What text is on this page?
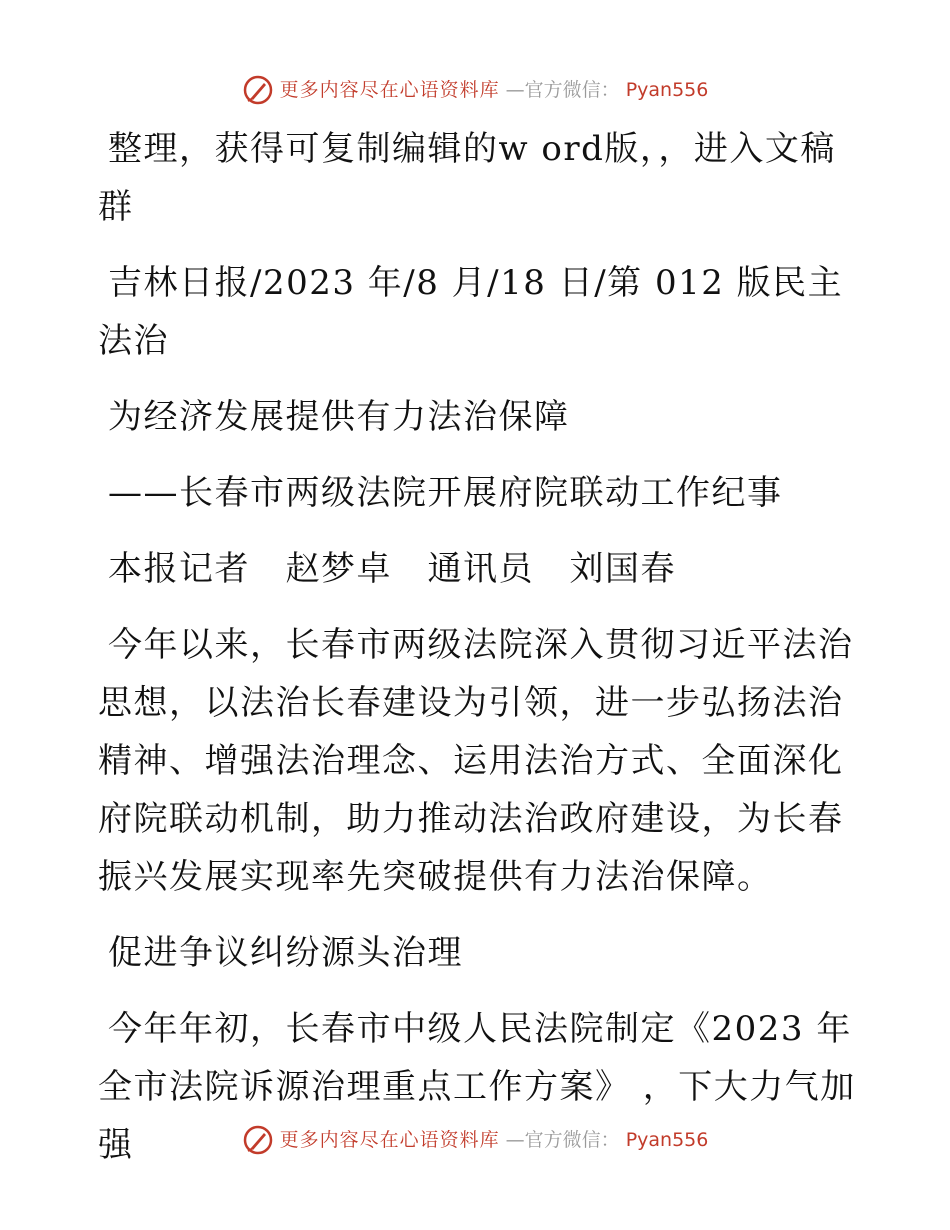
更多内容尽在心语资料库 —官方微信： Pyan556

整理，获得可复制编辑的w ord版，，进入文稿群

吉林日报/2023 年/8 月/18 日/第 012 版民主法治

为经济发展提供有力法治保障

——长春市两级法院开展府院联动工作纪事

本报记者　赵梦卓　通讯员　刘国春

今年以来，长春市两级法院深入贯彻习近平法治思想，以法治长春建设为引领，进一步弘扬法治精神、增强法治理念、运用法治方式、全面深化府院联动机制，助力推动法治政府建设，为长春振兴发展实现率先突破提供有力法治保障。

促进争议纠纷源头治理

今年年初，长春市中级人民法院制定《2023 年全市法院诉源治理重点工作方案》 ，下大力气加强	更多内容尽在心语资料库 —官方微信： Pyan556
